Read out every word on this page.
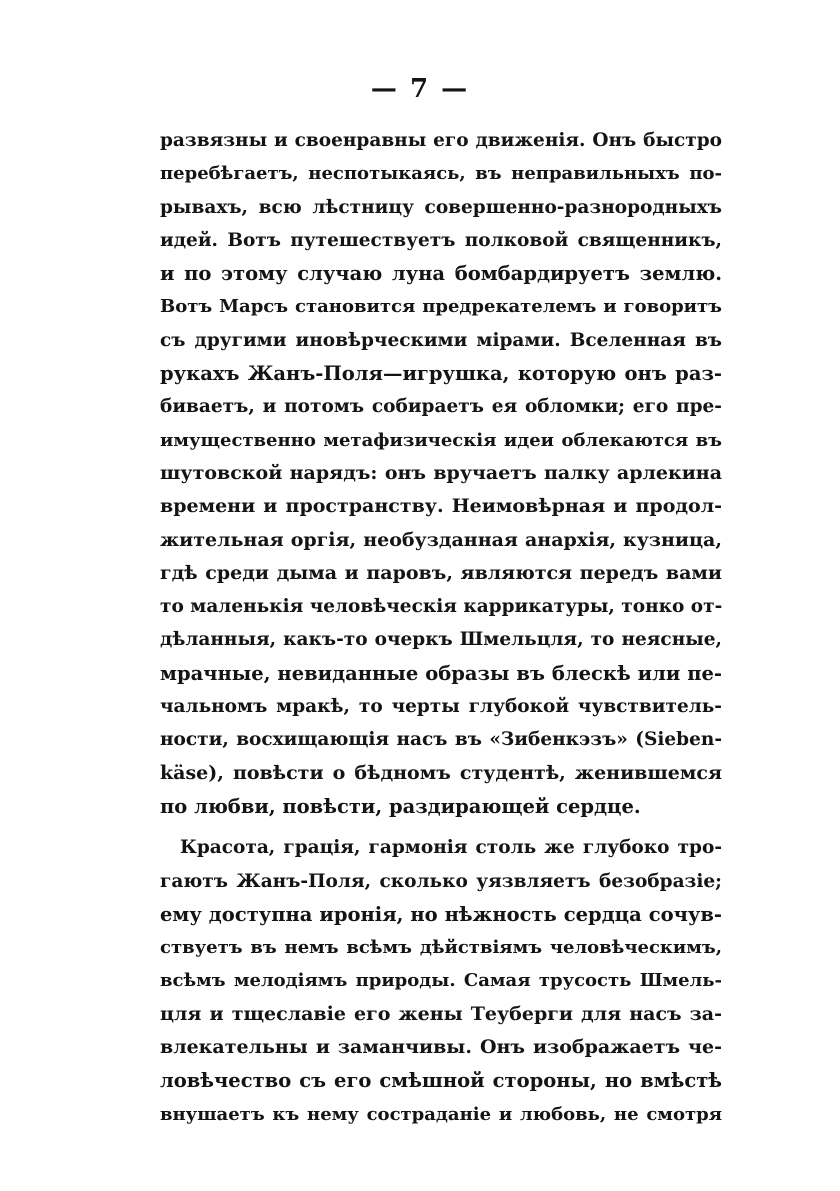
— 7 —
развязны и своенравны его движенія. Онъ быстро
перебѣгаетъ, неспотыкаясь, въ неправильныхъ по-
рывахъ, всю лѣстницу совершенно-разнородныхъ
идей. Вотъ путешествуетъ полковой священникъ,
и по этому случаю луна бомбардируетъ землю.
Вотъ Марсъ становится предрекателемъ и говоритъ
съ другими иновѣрческими мірами. Вселенная въ
рукахъ Жанъ-Поля—игрушка, которую онъ раз-
биваетъ, и потомъ собираетъ ея обломки; его пре-
имущественно метафизическія идеи облекаются въ
шутовской нарядъ: онъ вручаетъ палку арлекина
времени и пространству. Неимовѣрная и продол-
жительная оргія, необузданная анархія, кузница,
гдѣ среди дыма и паровъ, являются передъ вами
то маленькія человѣческія каррикатуры, тонко от-
дѣланныя, какъ-то очеркъ Шмельцля, то неясные,
мрачные, невиданные образы въ блескѣ или пе-
чальномъ мракѣ, то черты глубокой чувствитель-
ности, восхищающія насъ въ «Зибенкэзъ» (Sieben-
käse), повѣсти о бѣдномъ студентѣ, женившемся
по любви, повѣсти, раздирающей сердце.
Красота, грація, гармонія столь же глубоко тро-
гаютъ Жанъ-Поля, сколько уязвляетъ безобразіе;
ему доступна иронія, но нѣжность сердца сочув-
ствуетъ въ немъ всѣмъ дѣйствіямъ человѣческимъ,
всѣмъ мелодіямъ природы. Самая трусость Шмель-
цля и тщеславіе его жены Теуберги для насъ за-
влекательны и заманчивы. Онъ изображаетъ че-
ловѣчество съ его смѣшной стороны, но вмѣстѣ
внушаетъ къ нему состраданіе и любовь, не смотря
